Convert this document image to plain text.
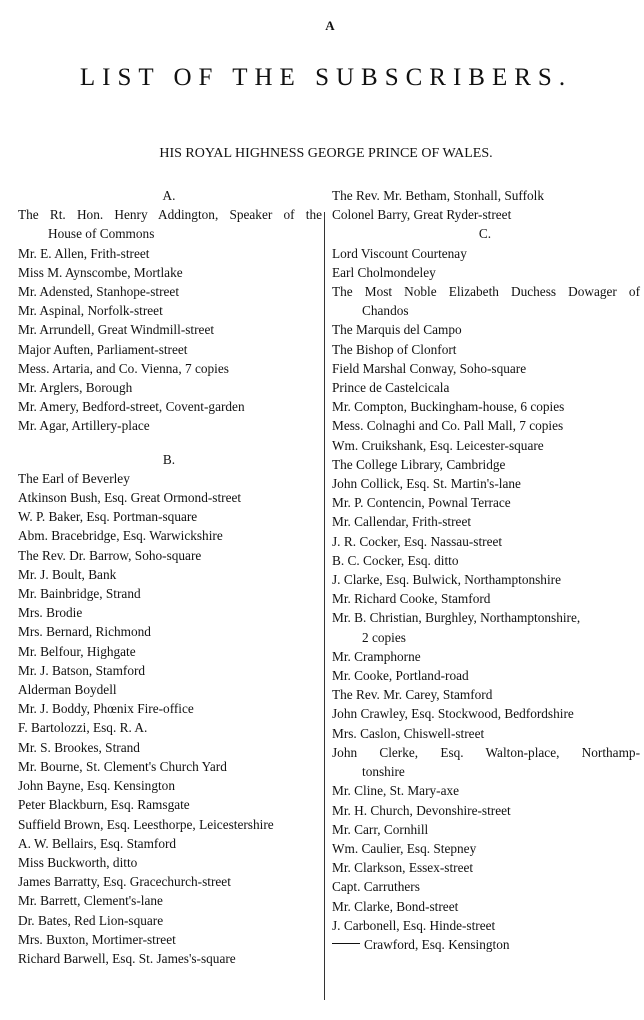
A
LIST OF THE SUBSCRIBERS.
HIS ROYAL HIGHNESS GEORGE PRINCE OF WALES.
A.
The Rt. Hon. Henry Addington, Speaker of the
House of Commons
Mr. E. Allen, Frith-street
Miss M. Aynscombe, Mortlake
Mr. Adensted, Stanhope-street
Mr. Aspinal, Norfolk-street
Mr. Arrundell, Great Windmill-street
Major Auften, Parliament-street
Mess. Artaria, and Co. Vienna, 7 copies
Mr. Arglers, Borough
Mr. Amery, Bedford-street, Covent-garden
Mr. Agar, Artillery-place
B.
The Earl of Beverley
Atkinson Bush, Esq. Great Ormond-street
W. P. Baker, Esq. Portman-square
Abm. Bracebridge, Esq. Warwickshire
The Rev. Dr. Barrow, Soho-square
Mr. J. Boult, Bank
Mr. Bainbridge, Strand
Mrs. Brodie
Mrs. Bernard, Richmond
Mr. Belfour, Highgate
Mr. J. Batson, Stamford
Alderman Boydell
Mr. J. Boddy, Phœnix Fire-office
F. Bartolozzi, Esq. R. A.
Mr. S. Brookes, Strand
Mr. Bourne, St. Clement's Church Yard
John Bayne, Esq. Kensington
Peter Blackburn, Esq. Ramsgate
Suffield Brown, Esq. Leesthorpe, Leicestershire
A. W. Bellairs, Esq. Stamford
Miss Buckworth, ditto
James Barratty, Esq. Gracechurch-street
Mr. Barrett, Clement's-lane
Dr. Bates, Red Lion-square
Mrs. Buxton, Mortimer-street
Richard Barwell, Esq. St. James's-square
The Rev. Mr. Betham, Stonhall, Suffolk
Colonel Barry, Great Ryder-street
C.
Lord Viscount Courtenay
Earl Cholmondeley
The Most Noble Elizabeth Duchess Dowager of
Chandos
The Marquis del Campo
The Bishop of Clonfort
Field Marshal Conway, Soho-square
Prince de Castelcicala
Mr. Compton, Buckingham-house, 6 copies
Mess. Colnaghi and Co. Pall Mall, 7 copies
Wm. Cruikshank, Esq. Leicester-square
The College Library, Cambridge
John Collick, Esq. St. Martin's-lane
Mr. P. Contencin, Pownal Terrace
Mr. Callendar, Frith-street
J. R. Cocker, Esq. Nassau-street
B. C. Cocker, Esq. ditto
J. Clarke, Esq. Bulwick, Northamptonshire
Mr. Richard Cooke, Stamford
Mr. B. Christian, Burghley, Northamptonshire,
2 copies
Mr. Cramphorne
Mr. Cooke, Portland-road
The Rev. Mr. Carey, Stamford
John Crawley, Esq. Stockwood, Bedfordshire
Mrs. Caslon, Chiswell-street
John Clerke, Esq. Walton-place, Northamp-
tonshire
Mr. Cline, St. Mary-axe
Mr. H. Church, Devonshire-street
Mr. Carr, Cornhill
Wm. Caulier, Esq. Stepney
Mr. Clarkson, Essex-street
Capt. Carruthers
Mr. Clarke, Bond-street
J. Carbonell, Esq. Hinde-street
Crawford, Esq. Kensington
